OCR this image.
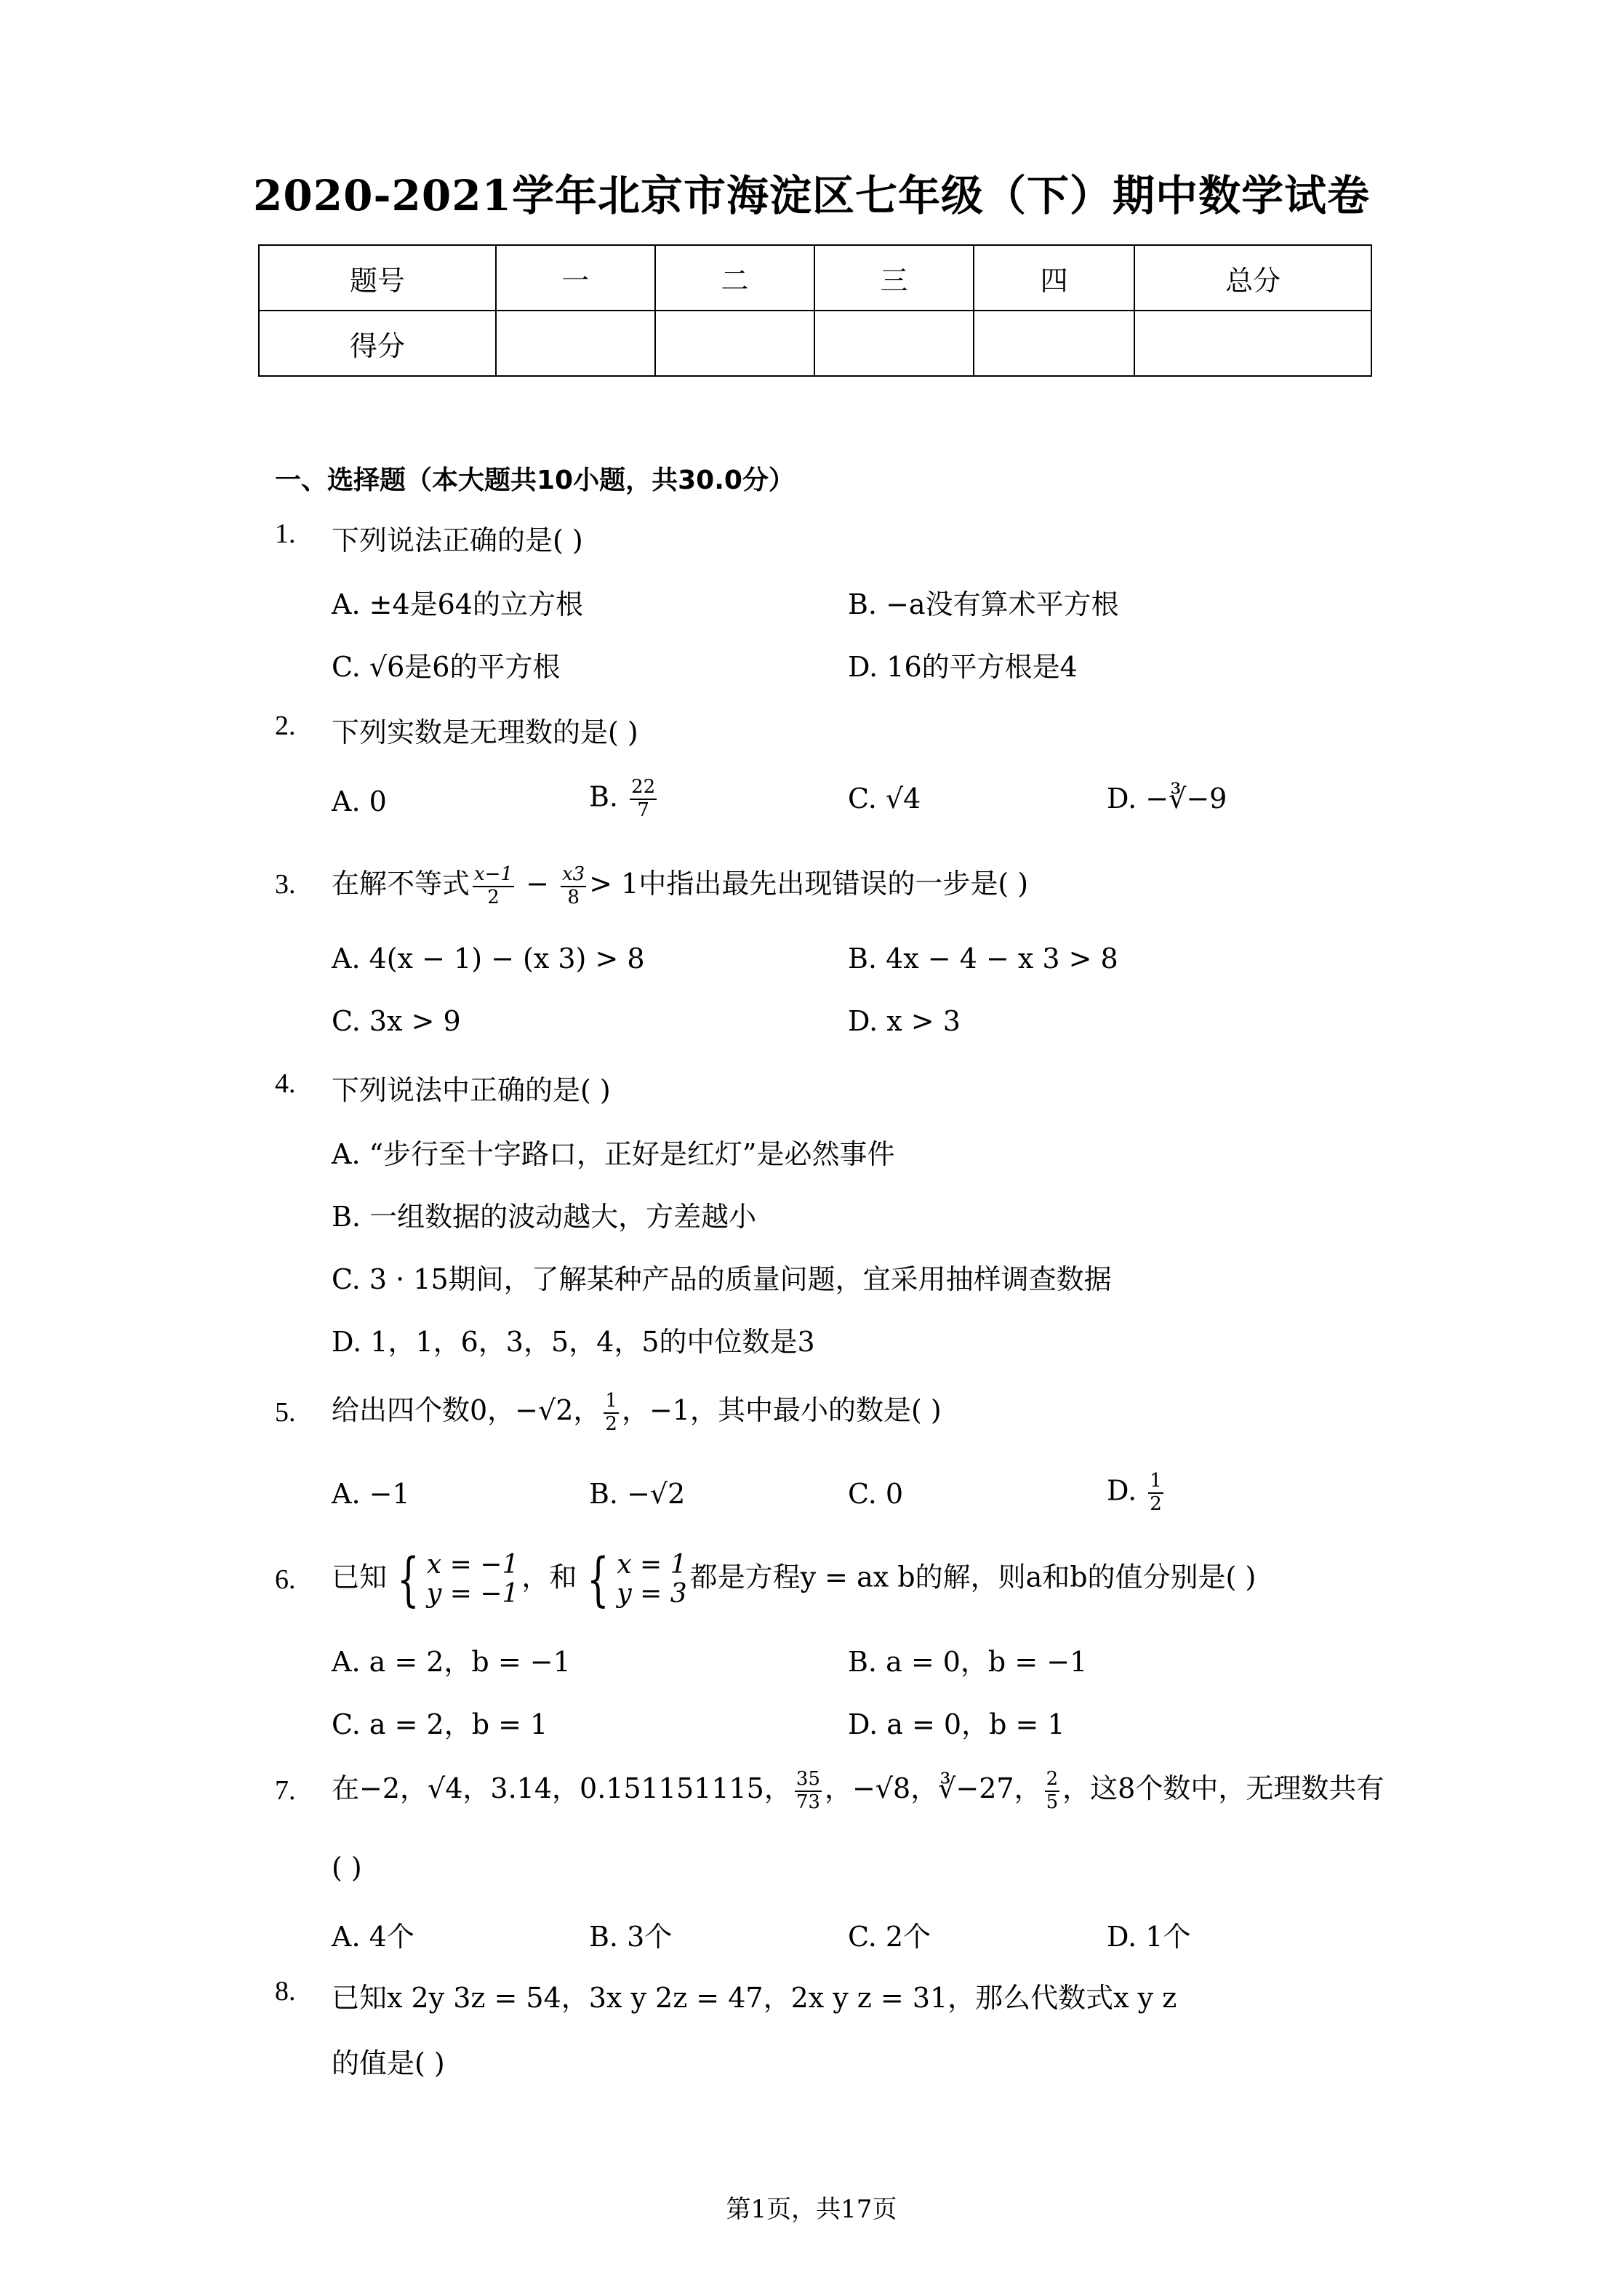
2020-2021学年北京市海淀区七年级（下）期中数学试卷
题号	一	二	三	四	总分
得分					
一、选择题（本大题共10小题，共30.0分）
1. 下列说法正确的是( )
A. ±4是64的立方根	B. −a没有算术平方根
C. √6是6的平方根	D. 16的平方根是4
2. 下列实数是无理数的是( )
A. 0	B. $\frac{22}{7}$	C. √4	D. −∛−9
3. 在解不等式 $\frac{x-1}{2} - \frac{x3}{8} > 1$中指出最先出现错误的一步是( )
A. 4(x − 1) − (x 3) > 8	B. 4x − 4 − x 3 > 8
C. 3x > 9	D. x > 3
4. 下列说法中正确的是( )
A. “步行至十字路口，正好是红灯”是必然事件
B. 一组数据的波动越大，方差越小
C. 3 · 15期间，了解某种产品的质量问题，宜采用抽样调查数据
D. 1，1，6，3，5，4，5的中位数是3
5. 给出四个数0，−√2， $\frac{1}{2}$ ，−1，其中最小的数是( )
A. −1	B. −√2	C. 0	D. $\frac{1}{2}$
6. 已知 { x = −1
y = −1
，和 { x = 1
y = 3
都是方程y = ax b的解，则a和b的值分别是( )
A. a = 2，b = −1	B. a = 0，b = −1
C. a = 2，b = 1	D. a = 0，b = 1
7. 在−2，√4，3.14，0.151151115， $\frac{35}{73}$ ，−√8，∛−27， $\frac{2}{5}$ ，这8个数中，无理数共有
( )
A. 4个	B. 3个	C. 2个	D. 1个
8. 已知x 2y 3z = 54，3x y 2z = 47，2x y z = 31，那么代数式x y z
的值是( )
第1页，共17页
